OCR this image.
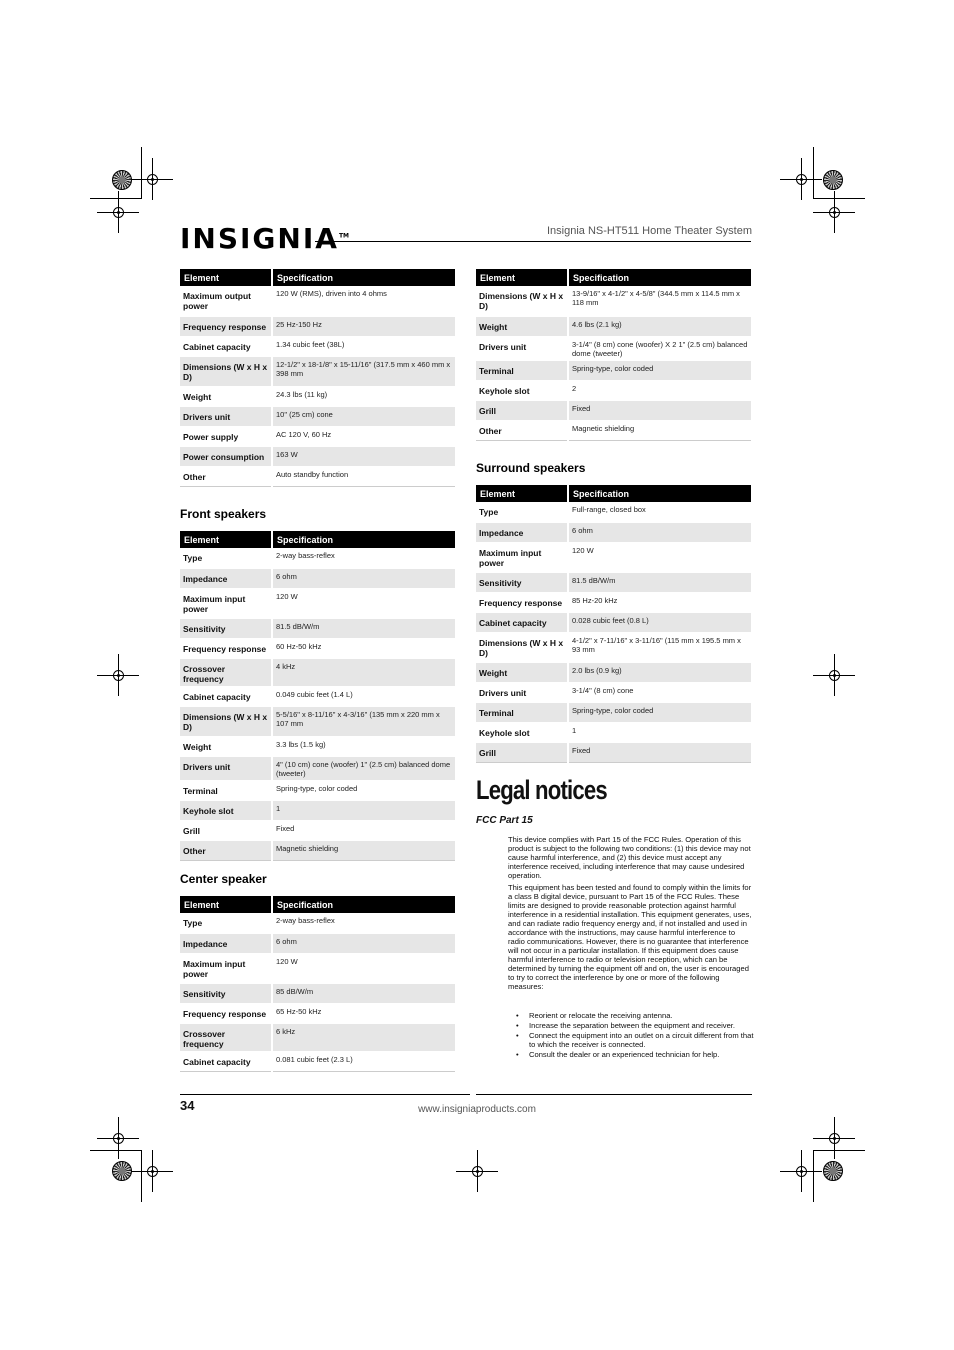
INSIGNIA™	Insignia NS-HT511 Home Theater System
Element	Specification
Maximum output power	120 W (RMS), driven into 4 ohms
Frequency response	25 Hz-150 Hz
Cabinet capacity	1.34 cubic feet (38L)
Dimensions (W x H x D)	12-1/2" x 18-1/8" x 15-11/16" (317.5 mm x 460 mm x 398 mm
Weight	24.3 lbs (11 kg)
Drivers unit	10" (25 cm) cone
Power supply	AC 120 V, 60 Hz
Power consumption	163 W
Other	Auto standby function
Front speakers
Element	Specification
Type	2-way bass-reflex
Impedance	6 ohm
Maximum input power	120 W
Sensitivity	81.5 dB/W/m
Frequency response	60 Hz-50 kHz
Crossover frequency	4 kHz
Cabinet capacity	0.049 cubic feet (1.4 L)
Dimensions (W x H x D)	5-5/16" x 8-11/16" x 4-3/16" (135 mm x 220 mm x 107 mm
Weight	3.3 lbs (1.5 kg)
Drivers unit	4" (10 cm) cone (woofer) 1" (2.5 cm) balanced dome (tweeter)
Terminal	Spring-type, color coded
Keyhole slot	1
Grill	Fixed
Other	Magnetic shielding
Center speaker
Element	Specification
Type	2-way bass-reflex
Impedance	6 ohm
Maximum input power	120 W
Sensitivity	85 dB/W/m
Frequency response	65 Hz-50 kHz
Crossover frequency	6 kHz
Cabinet capacity	0.081 cubic feet (2.3 L)
Element	Specification
Dimensions (W x H x D)	13-9/16" x 4-1/2" x 4-5/8" (344.5 mm x 114.5 mm x 118 mm
Weight	4.6 lbs (2.1 kg)
Drivers unit	3-1/4" (8 cm) cone (woofer) X 2 1" (2.5 cm) balanced dome (tweeter)
Terminal	Spring-type, color coded
Keyhole slot	2
Grill	Fixed
Other	Magnetic shielding
Surround speakers
Element	Specification
Type	Full-range, closed box
Impedance	6 ohm
Maximum input power	120 W
Sensitivity	81.5 dB/W/m
Frequency response	85 Hz-20 kHz
Cabinet capacity	0.028 cubic feet (0.8 L)
Dimensions (W x H x D)	4-1/2" x 7-11/16" x 3-11/16" (115 mm x 195.5 mm x 93 mm
Weight	2.0 lbs (0.9 kg)
Drivers unit	3-1/4" (8 cm) cone
Terminal	Spring-type, color coded
Keyhole slot	1
Grill	Fixed
Legal notices
FCC Part 15
This device complies with Part 15 of the FCC Rules. Operation of this product is subject to the following two conditions: (1) this device may not cause harmful interference, and (2) this device must accept any interference received, including interference that may cause undesired operation.
This equipment has been tested and found to comply within the limits for a class B digital device, pursuant to Part 15 of the FCC Rules. These limits are designed to provide reasonable protection against harmful interference in a residential installation. This equipment generates, uses, and can radiate radio frequency energy and, if not installed and used in accordance with the instructions, may cause harmful interference to radio communications. However, there is no guarantee that interference will not occur in a particular installation. If this equipment does cause harmful interference to radio or television reception, which can be determined by turning the equipment off and on, the user is encouraged to try to correct the interference by one or more of the following measures:
• Reorient or relocate the receiving antenna.
• Increase the separation between the equipment and receiver.
• Connect the equipment into an outlet on a circuit different from that to which the receiver is connected.
• Consult the dealer or an experienced technician for help.
34	www.insigniaproducts.com
